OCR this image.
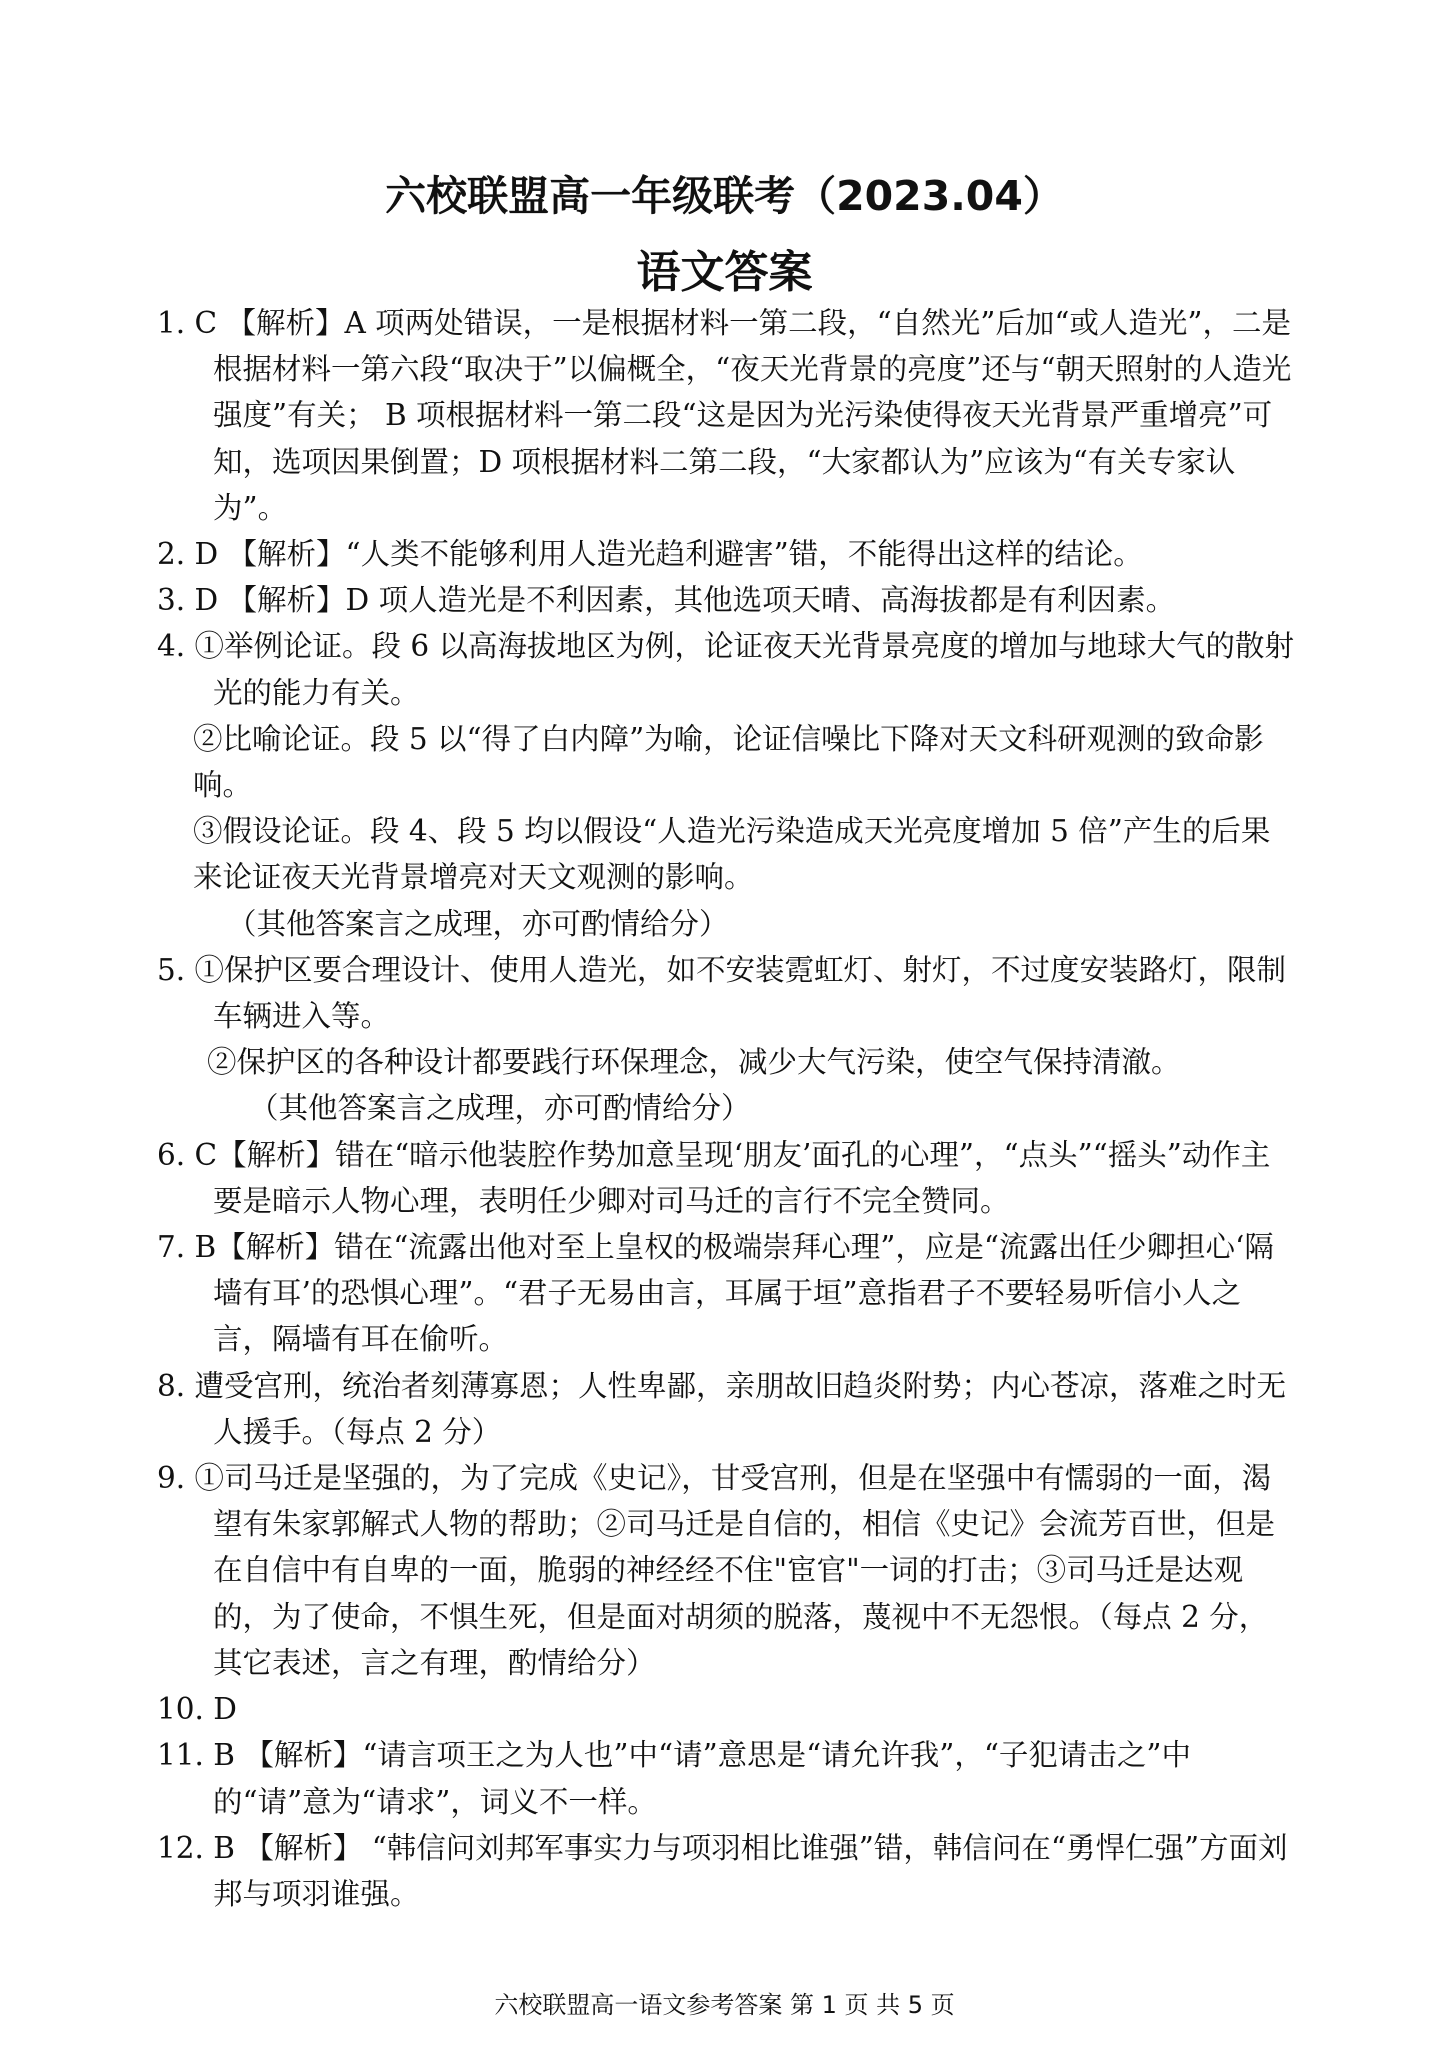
六校联盟高一年级联考（2023.04）
语文答案

1. C 【解析】A 项两处错误，一是根据材料一第二段，“自然光”后加“或人造光”，二是根据材料一第六段“取决于”以偏概全，“夜天光背景的亮度”还与“朝天照射的人造光强度”有关； B 项根据材料一第二段“这是因为光污染使得夜天光背景严重增亮”可知，选项因果倒置；D 项根据材料二第二段，“大家都认为”应该为“有关专家认为”。

2. D 【解析】“人类不能够利用人造光趋利避害”错，不能得出这样的结论。

3. D 【解析】D 项人造光是不利因素，其他选项天晴、高海拔都是有利因素。

4. ①举例论证。段 6 以高海拔地区为例，论证夜天光背景亮度的增加与地球大气的散射光的能力有关。

②比喻论证。段 5 以“得了白内障”为喻，论证信噪比下降对天文科研观测的致命影响。

③假设论证。段 4、段 5 均以假设“人造光污染造成天光亮度增加 5 倍”产生的后果来论证夜天光背景增亮对天文观测的影响。

（其他答案言之成理，亦可酌情给分）

5. ①保护区要合理设计、使用人造光，如不安装霓虹灯、射灯，不过度安装路灯，限制车辆进入等。

②保护区的各种设计都要践行环保理念，减少大气污染，使空气保持清澈。

（其他答案言之成理，亦可酌情给分）

6. C【解析】错在“暗示他装腔作势加意呈现‘朋友’面孔的心理”，“点头”“摇头”动作主要是暗示人物心理，表明任少卿对司马迁的言行不完全赞同。

7. B【解析】错在“流露出他对至上皇权的极端崇拜心理”，应是“流露出任少卿担心‘隔墙有耳’的恐惧心理”。“君子无易由言，耳属于垣”意指君子不要轻易听信小人之言，隔墙有耳在偷听。

8. 遭受宫刑，统治者刻薄寡恩；人性卑鄙，亲朋故旧趋炎附势；内心苍凉，落难之时无人援手。（每点 2 分）

9. ①司马迁是坚强的，为了完成《史记》，甘受宫刑，但是在坚强中有懦弱的一面，渴望有朱家郭解式人物的帮助；②司马迁是自信的，相信《史记》会流芳百世，但是在自信中有自卑的一面，脆弱的神经经不住"宦官"一词的打击；③司马迁是达观的，为了使命，不惧生死，但是面对胡须的脱落，蔑视中不无怨恨。（每点 2 分，其它表述，言之有理，酌情给分）

10. D

11. B 【解析】“请言项王之为人也”中“请”意思是“请允许我”，“子犯请击之”中的“请”意为“请求”，词义不一样。

12. B 【解析】 “韩信问刘邦军事实力与项羽相比谁强”错，韩信问在“勇悍仁强”方面刘邦与项羽谁强。

六校联盟高一语文参考答案 第 1 页 共 5 页
